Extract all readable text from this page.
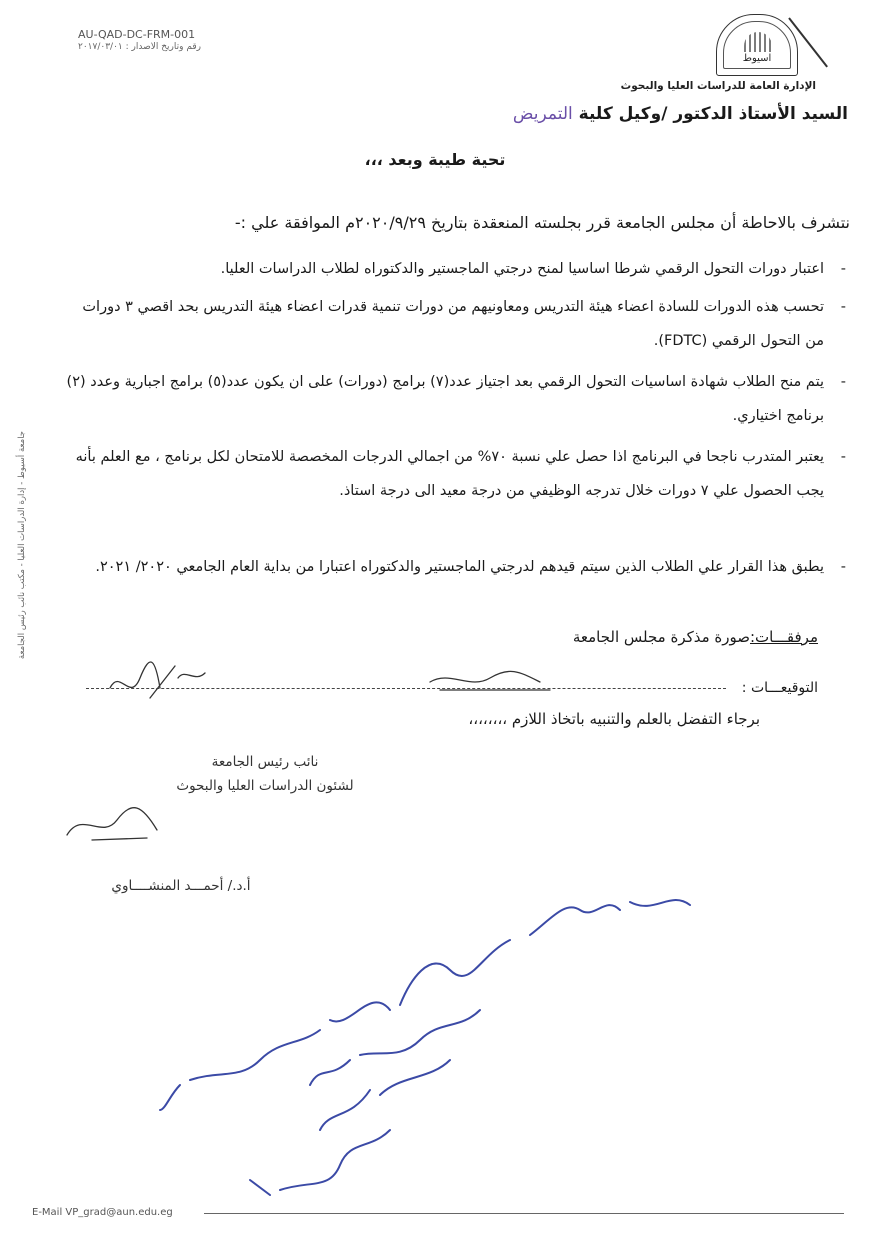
AU-QAD-DC-FRM-001
رقم وتاريخ الاصدار : ٢٠١٧/٠٣/٠١
اسيوط
الإدارة العامة للدراسات العليا والبحوث
السيد الأستاذ الدكتور /وكيل كلية التمريض
تحية طيبة وبعد ،،،
نتشرف بالاحاطة أن مجلس الجامعة قرر بجلسته المنعقدة بتاريخ ٢٠٢٠/٩/٢٩م الموافقة علي :-
-
اعتبار دورات التحول الرقمي شرطا اساسيا لمنح درجتي الماجستير والدكتوراه لطلاب الدراسات العليا.
-
تحسب هذه الدورات للسادة اعضاء هيئة التدريس ومعاونيهم من دورات تنمية قدرات اعضاء هيئة التدريس بحد اقصي ٣ دورات من التحول الرقمي (FDTC).
-
يتم منح الطلاب شهادة اساسيات التحول الرقمي بعد اجتياز عدد(٧) برامج (دورات) على ان يكون عدد(٥) برامج اجبارية وعدد (٢) برنامج اختياري.
-
يعتبر المتدرب ناجحا في البرنامج اذا حصل علي نسبة ٧٠% من اجمالي الدرجات المخصصة للامتحان لكل برنامج ، مع العلم بأنه يجب الحصول علي ٧ دورات خلال تدرجه الوظيفي من درجة معيد الى درجة استاذ.
-
يطبق هذا القرار علي الطلاب الذين سيتم قيدهم لدرجتي الماجستير والدكتوراه اعتبارا من بداية العام الجامعي ٢٠٢٠/ ٢٠٢١.
مرفقـــات:صورة مذكرة مجلس الجامعة
التوقيعـــات :
برجاء التفضل بالعلم والتنبيه باتخاذ اللازم ،،،،،،،،
نائب رئيس الجامعة
لشئون الدراسات العليا والبحوث
أ.د./ أحمـــد المنشــــاوي
جامعة أسيوط - إدارة الدراسات العليا - مكتب نائب رئيس الجامعة
E-Mail VP_grad@aun.edu.eg
